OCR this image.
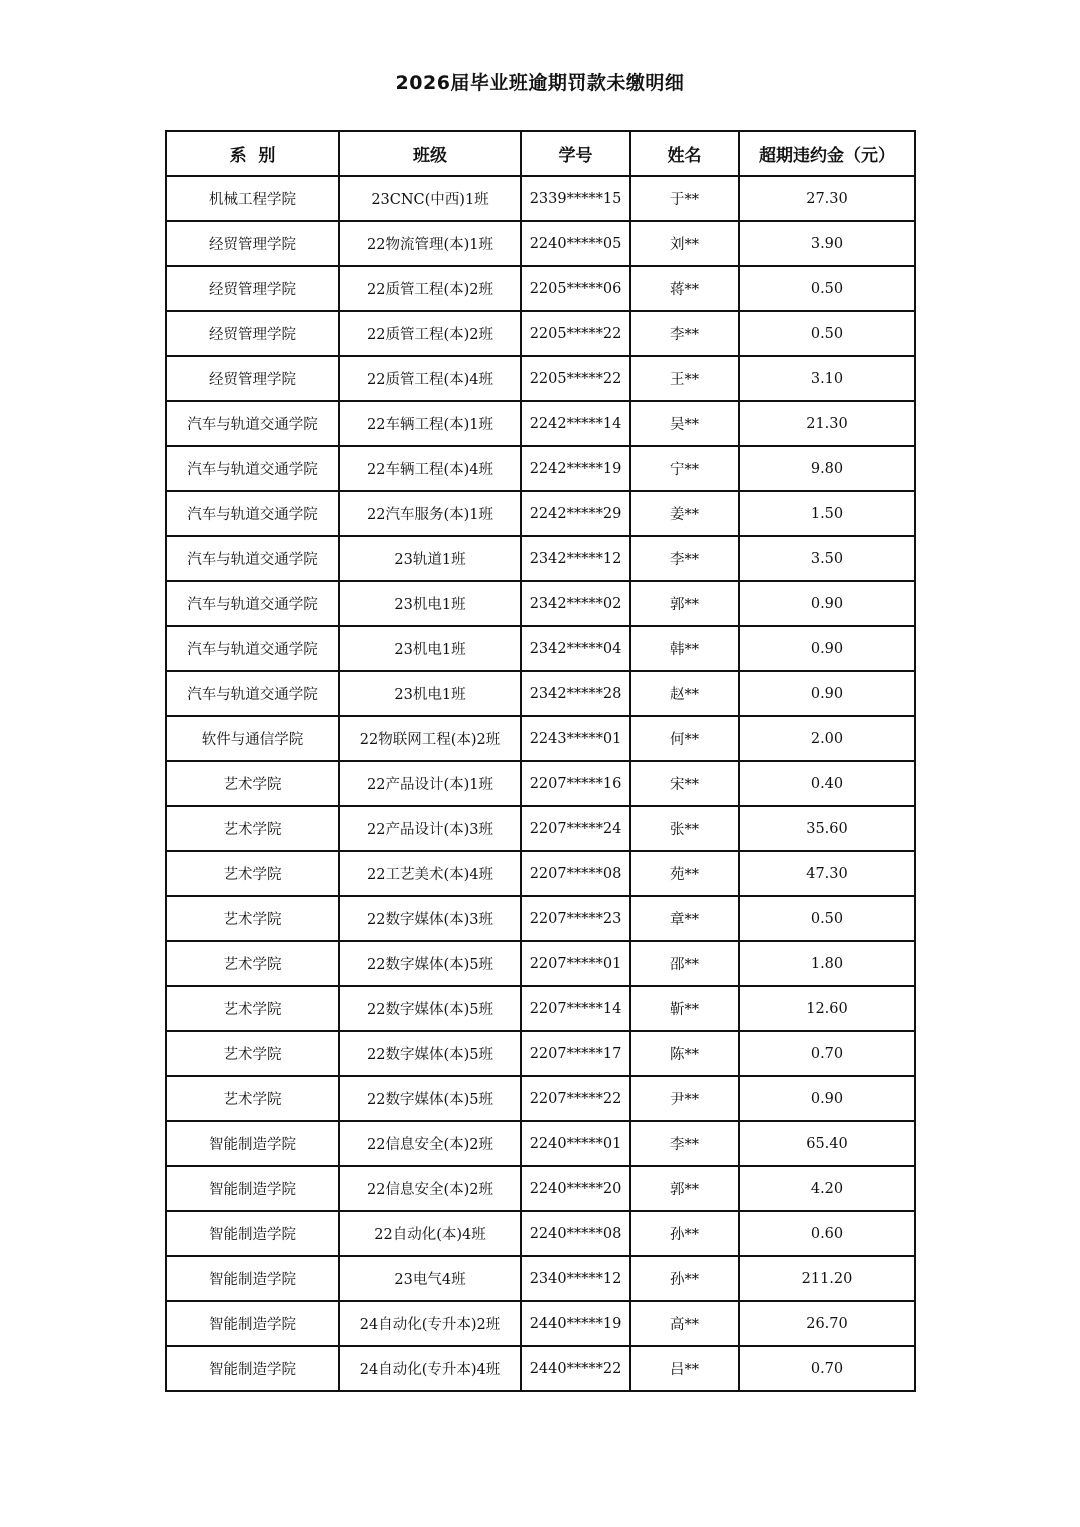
2026届毕业班逾期罚款未缴明细
系  别	班级	学号	姓名	超期违约金（元）
机械工程学院	23CNC(中西)1班	2339*****15	于**	27.30
经贸管理学院	22物流管理(本)1班	2240*****05	刘**	3.90
经贸管理学院	22质管工程(本)2班	2205*****06	蒋**	0.50
经贸管理学院	22质管工程(本)2班	2205*****22	李**	0.50
经贸管理学院	22质管工程(本)4班	2205*****22	王**	3.10
汽车与轨道交通学院	22车辆工程(本)1班	2242*****14	吴**	21.30
汽车与轨道交通学院	22车辆工程(本)4班	2242*****19	宁**	9.80
汽车与轨道交通学院	22汽车服务(本)1班	2242*****29	姜**	1.50
汽车与轨道交通学院	23轨道1班	2342*****12	李**	3.50
汽车与轨道交通学院	23机电1班	2342*****02	郭**	0.90
汽车与轨道交通学院	23机电1班	2342*****04	韩**	0.90
汽车与轨道交通学院	23机电1班	2342*****28	赵**	0.90
软件与通信学院	22物联网工程(本)2班	2243*****01	何**	2.00
艺术学院	22产品设计(本)1班	2207*****16	宋**	0.40
艺术学院	22产品设计(本)3班	2207*****24	张**	35.60
艺术学院	22工艺美术(本)4班	2207*****08	苑**	47.30
艺术学院	22数字媒体(本)3班	2207*****23	章**	0.50
艺术学院	22数字媒体(本)5班	2207*****01	邵**	1.80
艺术学院	22数字媒体(本)5班	2207*****14	靳**	12.60
艺术学院	22数字媒体(本)5班	2207*****17	陈**	0.70
艺术学院	22数字媒体(本)5班	2207*****22	尹**	0.90
智能制造学院	22信息安全(本)2班	2240*****01	李**	65.40
智能制造学院	22信息安全(本)2班	2240*****20	郭**	4.20
智能制造学院	22自动化(本)4班	2240*****08	孙**	0.60
智能制造学院	23电气4班	2340*****12	孙**	211.20
智能制造学院	24自动化(专升本)2班	2440*****19	高**	26.70
智能制造学院	24自动化(专升本)4班	2440*****22	吕**	0.70
